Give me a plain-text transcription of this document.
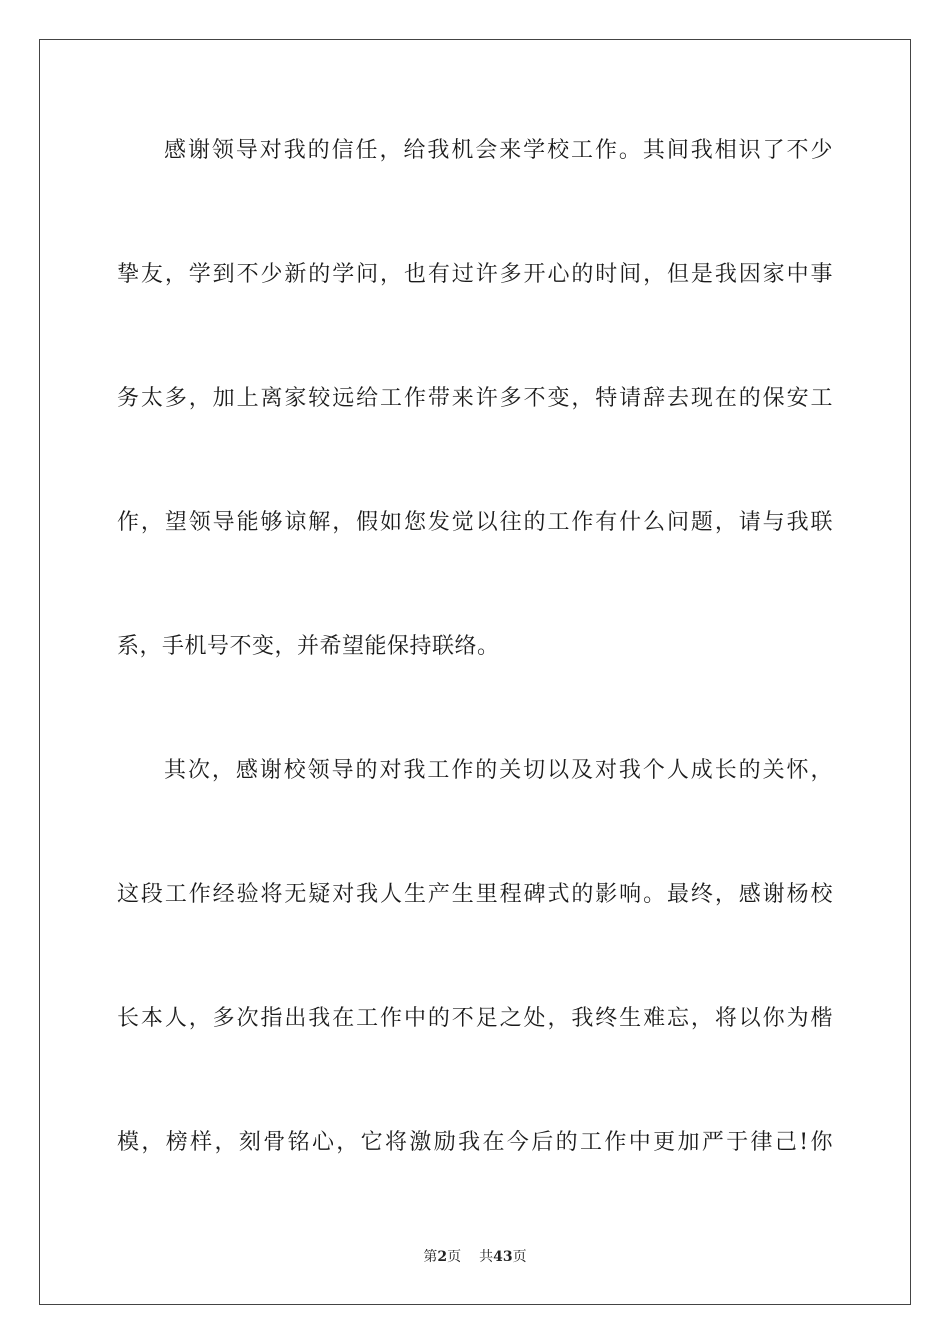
感谢领导对我的信任，给我机会来学校工作。其间我相识了不少
挚友，学到不少新的学问，也有过许多开心的时间，但是我因家中事
务太多，加上离家较远给工作带来许多不变，特请辞去现在的保安工
作，望领导能够谅解，假如您发觉以往的工作有什么问题，请与我联
系，手机号不变，并希望能保持联络。
其次，感谢校领导的对我工作的关切以及对我个人成长的关怀，
这段工作经验将无疑对我人生产生里程碑式的影响。最终，感谢杨校
长本人，多次指出我在工作中的不足之处，我终生难忘，将以你为楷
模，榜样，刻骨铭心，它将激励我在今后的工作中更加严于律己!你
第2页 共43页
